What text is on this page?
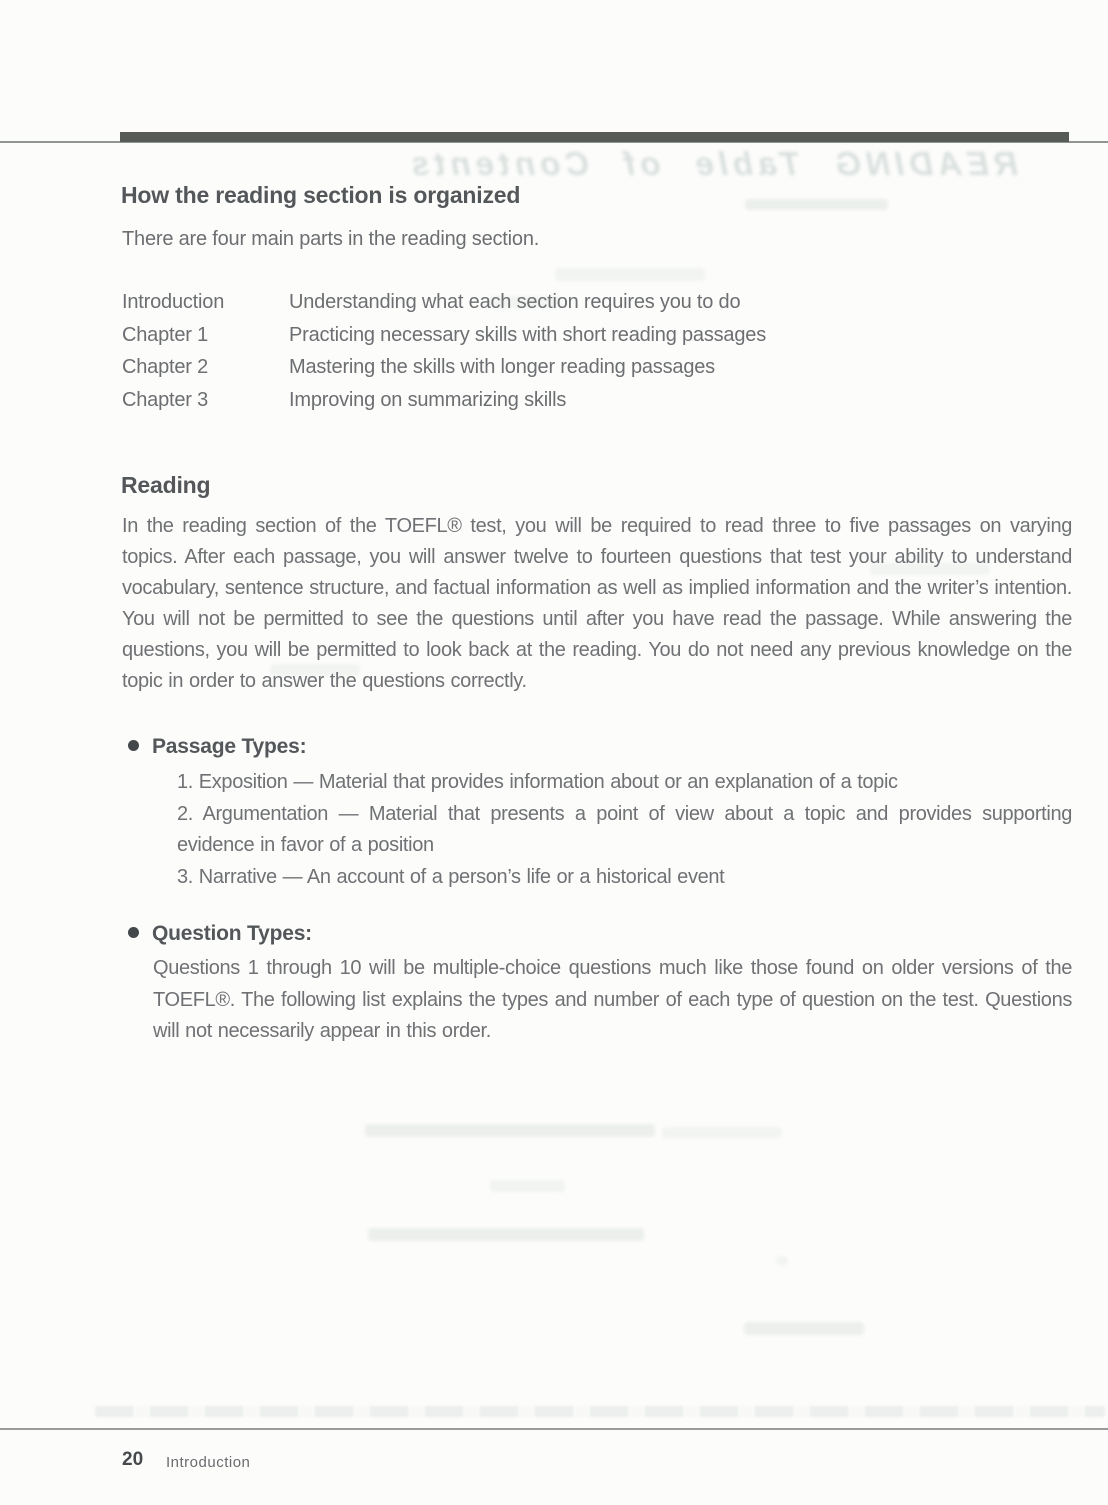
READING Table of Contents
How the reading section is organized
There are four main parts in the reading section.
Introduction	Understanding what each section requires you to do
Chapter 1	Practicing necessary skills with short reading passages
Chapter 2	Mastering the skills with longer reading passages
Chapter 3	Improving on summarizing skills
Reading
In the reading section of the TOEFL® test, you will be required to read three to five passages on varying topics. After each passage, you will answer twelve to fourteen questions that test your ability to understand vocabulary, sentence structure, and factual information as well as implied information and the writer’s intention. You will not be permitted to see the questions until after you have read the passage. While answering the questions, you will be permitted to look back at the reading. You do not need any previous knowledge on the topic in order to answer the questions correctly.
Passage Types:
1. Exposition — Material that provides information about or an explanation of a topic
2. Argumentation — Material that presents a point of view about a topic and provides supporting evidence in favor of a position
3. Narrative — An account of a person’s life or a historical event
Question Types:
Questions 1 through 10 will be multiple-choice questions much like those found on older versions of the TOEFL®. The following list explains the types and number of each type of question on the test. Questions will not necessarily appear in this order.
20 Introduction
